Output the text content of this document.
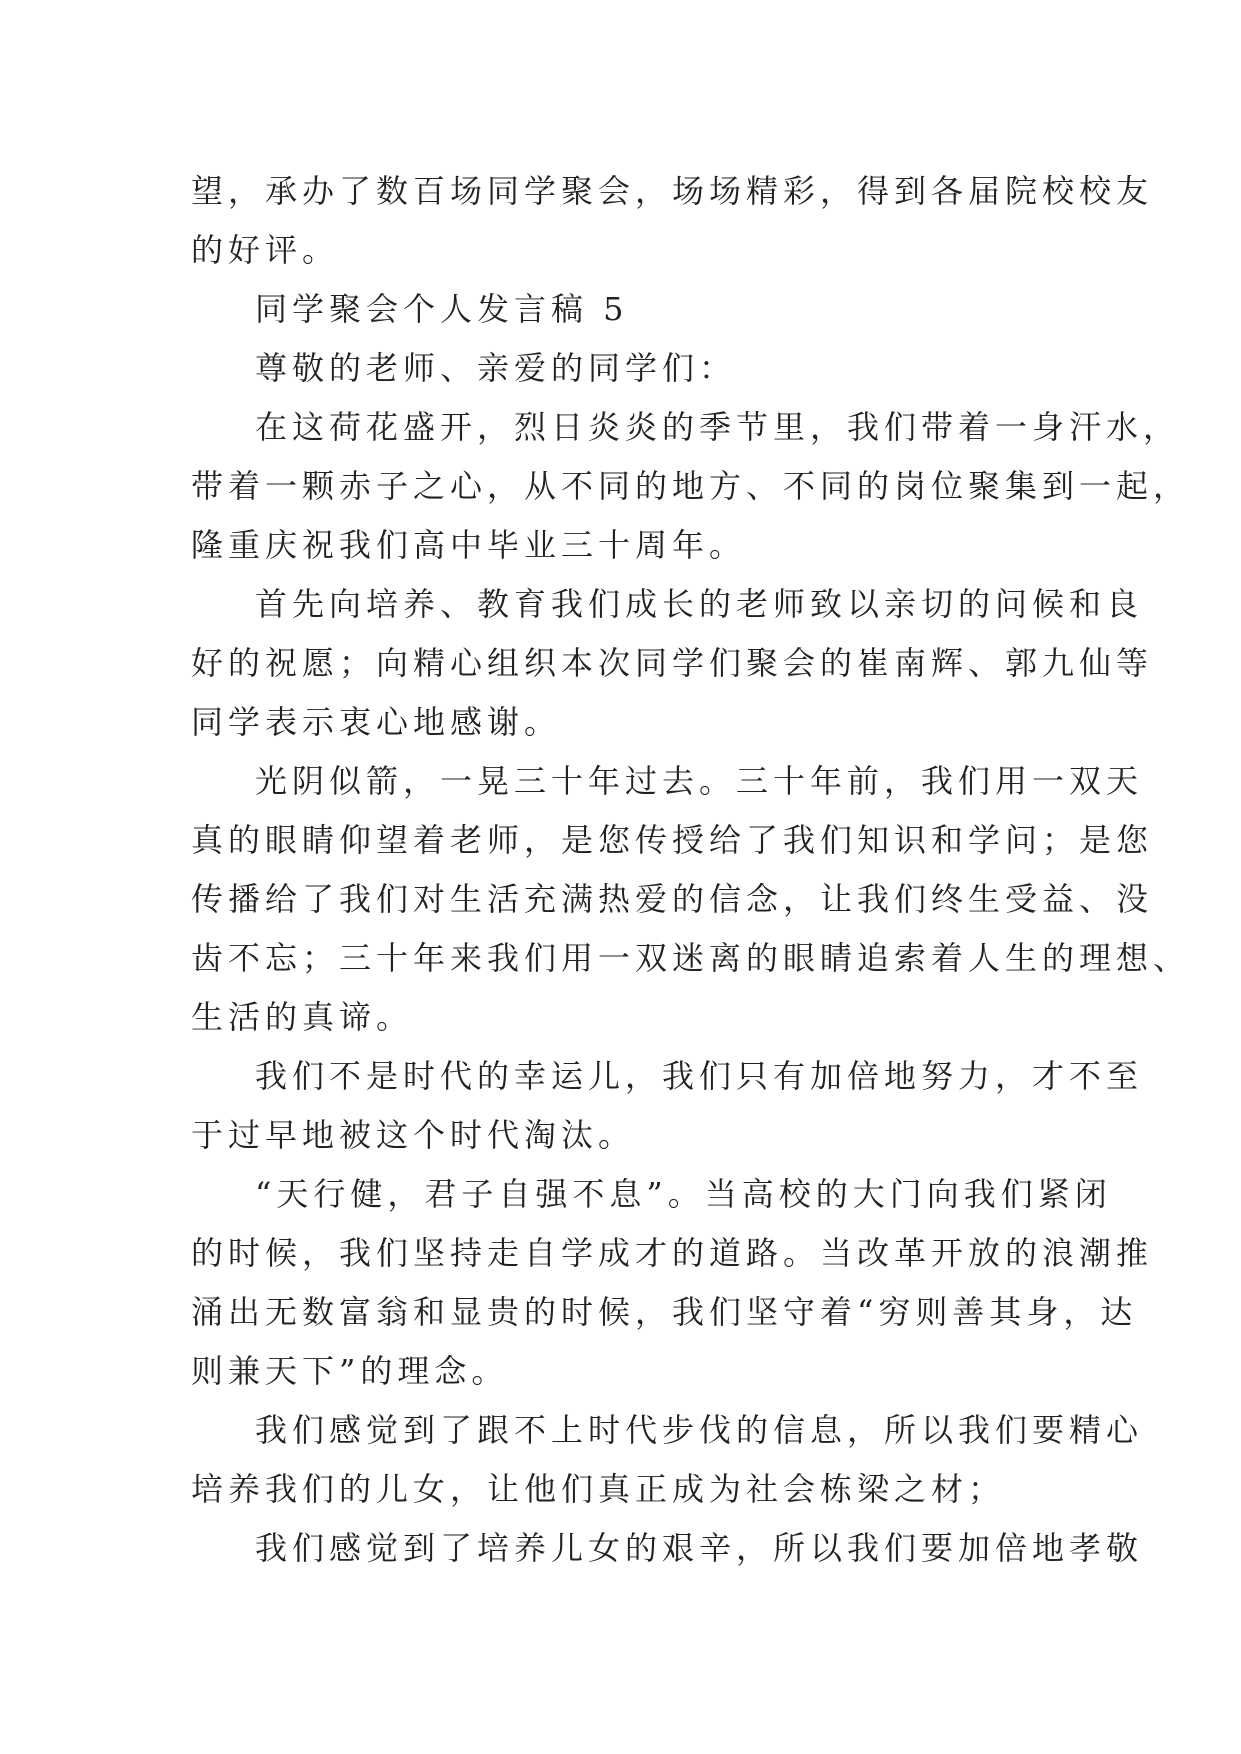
望，承办了数百场同学聚会，场场精彩，得到各届院校校友
的好评。
同学聚会个人发言稿 5
尊敬的老师、亲爱的同学们：
在这荷花盛开，烈日炎炎的季节里，我们带着一身汗水，
带着一颗赤子之心，从不同的地方、不同的岗位聚集到一起，
隆重庆祝我们高中毕业三十周年。
首先向培养、教育我们成长的老师致以亲切的问候和良
好的祝愿；向精心组织本次同学们聚会的崔南辉、郭九仙等
同学表示衷心地感谢。
光阴似箭，一晃三十年过去。三十年前，我们用一双天
真的眼睛仰望着老师，是您传授给了我们知识和学问；是您
传播给了我们对生活充满热爱的信念，让我们终生受益、没
齿不忘；三十年来我们用一双迷离的眼睛追索着人生的理想、
生活的真谛。
我们不是时代的幸运儿，我们只有加倍地努力，才不至
于过早地被这个时代淘汰。
“天行健，君子自强不息”。当高校的大门向我们紧闭
的时候，我们坚持走自学成才的道路。当改革开放的浪潮推
涌出无数富翁和显贵的时候，我们坚守着“穷则善其身，达
则兼天下”的理念。
我们感觉到了跟不上时代步伐的信息，所以我们要精心
培养我们的儿女，让他们真正成为社会栋梁之材；
我们感觉到了培养儿女的艰辛，所以我们要加倍地孝敬
